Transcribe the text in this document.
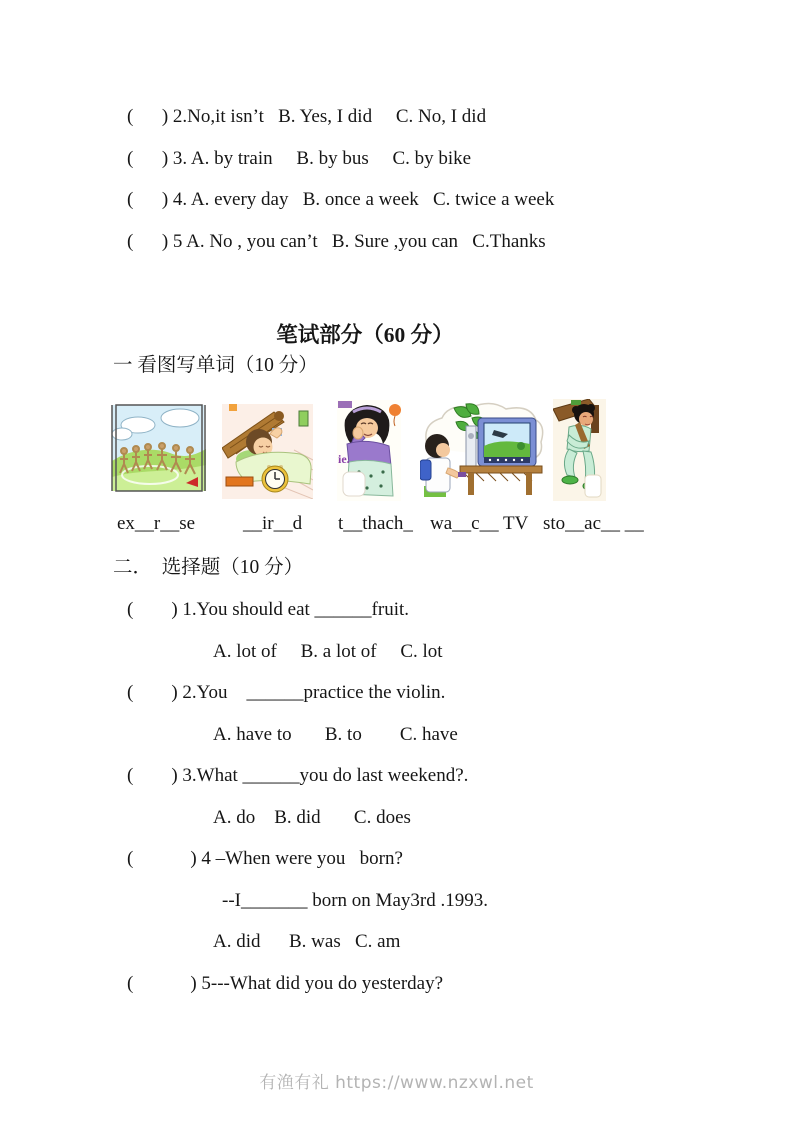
(      ) 2.No,it isn’t   B. Yes, I did     C. No, I did
(      ) 3. A. by train     B. by bus     C. by bike
(      ) 4. A. every day   B. once a week   C. twice a week
(      ) 5 A. No , you can’t   B. Sure ,you can   C.Thanks
笔试部分（60 分）
一 看图写单词（10 分）
ie.
ex__r__se	__ir__d t__thach_ wa__c__ TV sto__ac__ __
二．　选择题（10 分）
(        ) 1.You should eat ______fruit.
A. lot of     B. a lot of     C. lot
(        ) 2.You    ______practice the violin.
A. have to       B. to        C. have
(        ) 3.What ______you do last weekend?.
A. do    B. did       C. does
(            ) 4 –When were you   born?
--I_______ born on May3rd .1993.
A. did      B. was   C. am
(            ) 5---What did you do yesterday?
有渔有礼 https://www.nzxwl.net
